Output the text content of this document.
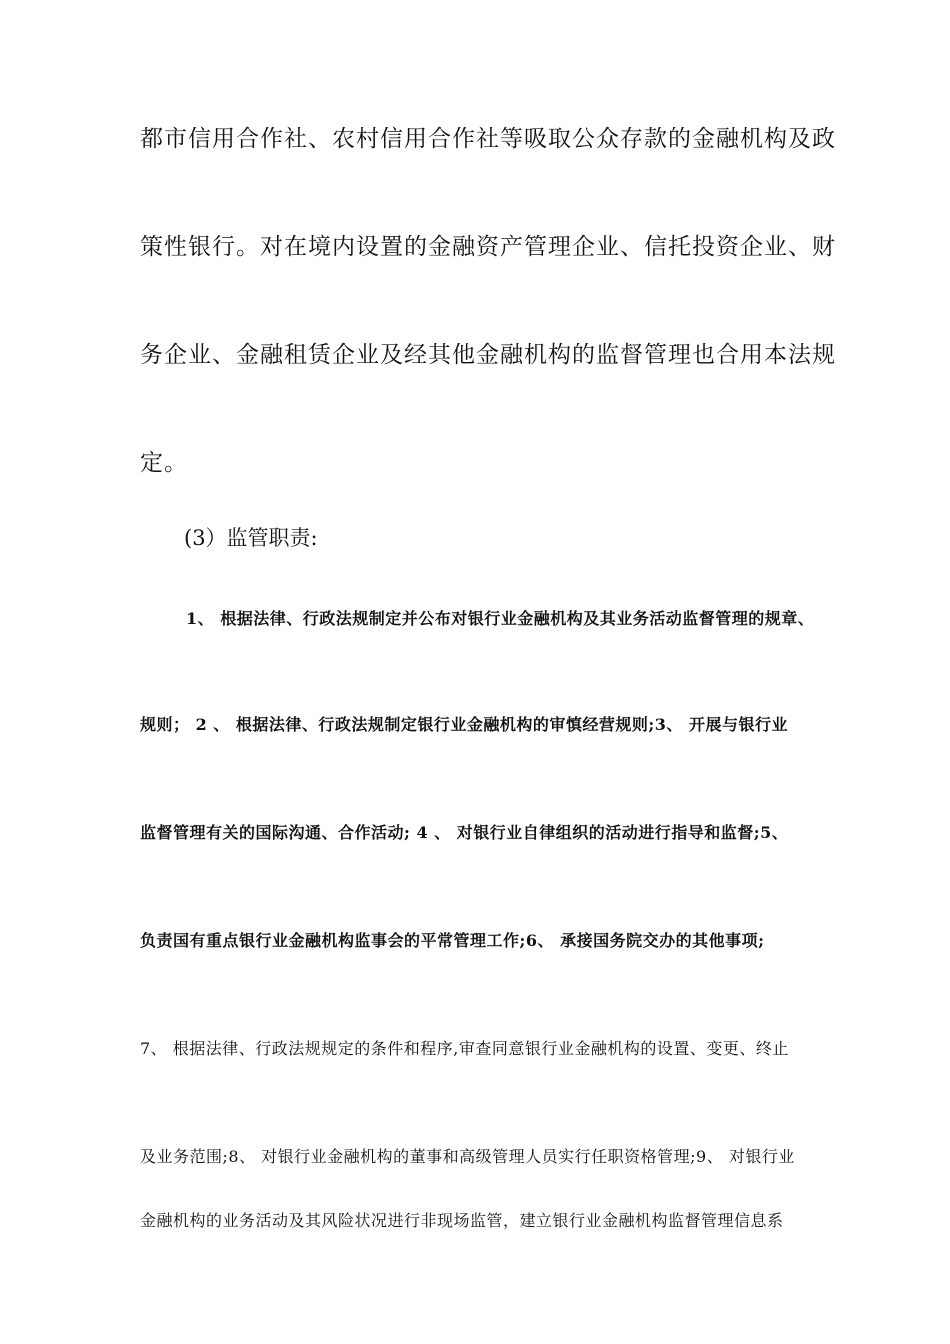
都市信用合作社、农村信用合作社等吸取公众存款的金融机构及政

策性银行。对在境内设置的金融资产管理企业、信托投资企业、财

务企业、金融租赁企业及经其他金融机构的监督管理也合用本法规

定。

(3）监管职责:

1、 根据法律、行政法规制定并公布对银行业金融机构及其业务活动监督管理的规章、

规则； 2 、 根据法律、行政法规制定银行业金融机构的审慎经营规则;3、 开展与银行业

监督管理有关的国际沟通、合作活动; 4 、 对银行业自律组织的活动进行指导和监督;5、

负责国有重点银行业金融机构监事会的平常管理工作;6、 承接国务院交办的其他事项;

7、 根据法律、行政法规规定的条件和程序,审查同意银行业金融机构的设置、变更、终止

及业务范围;8、 对银行业金融机构的董事和高级管理人员实行任职资格管理;9、 对银行业

金融机构的业务活动及其风险状况进行非现场监管，建立银行业金融机构监督管理信息系
